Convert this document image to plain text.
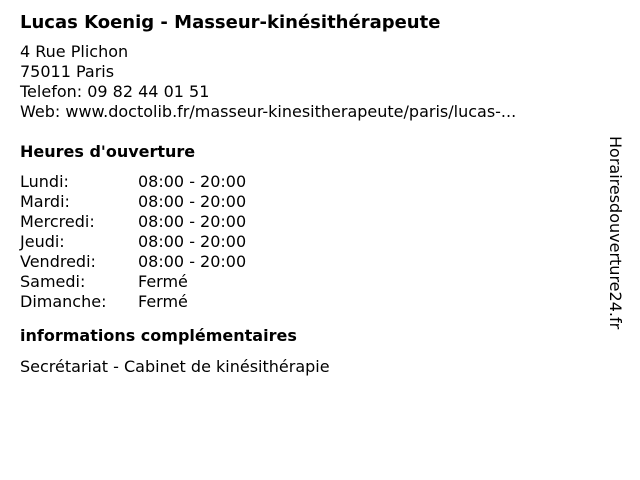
Lucas Koenig - Masseur-kinésithérapeute
4 Rue Plichon
75011 Paris
Telefon: 09 82 44 01 51
Web: www.doctolib.fr/masseur-kinesitherapeute/paris/lucas-...
Heures d'ouverture
Lundi:	08:00 - 20:00
Mardi:	08:00 - 20:00
Mercredi:	08:00 - 20:00
Jeudi:	08:00 - 20:00
Vendredi:	08:00 - 20:00
Samedi:	Fermé
Dimanche: Fermé
informations complémentaires
Secrétariat - Cabinet de kinésithérapie
Horairesdouverture24.fr
